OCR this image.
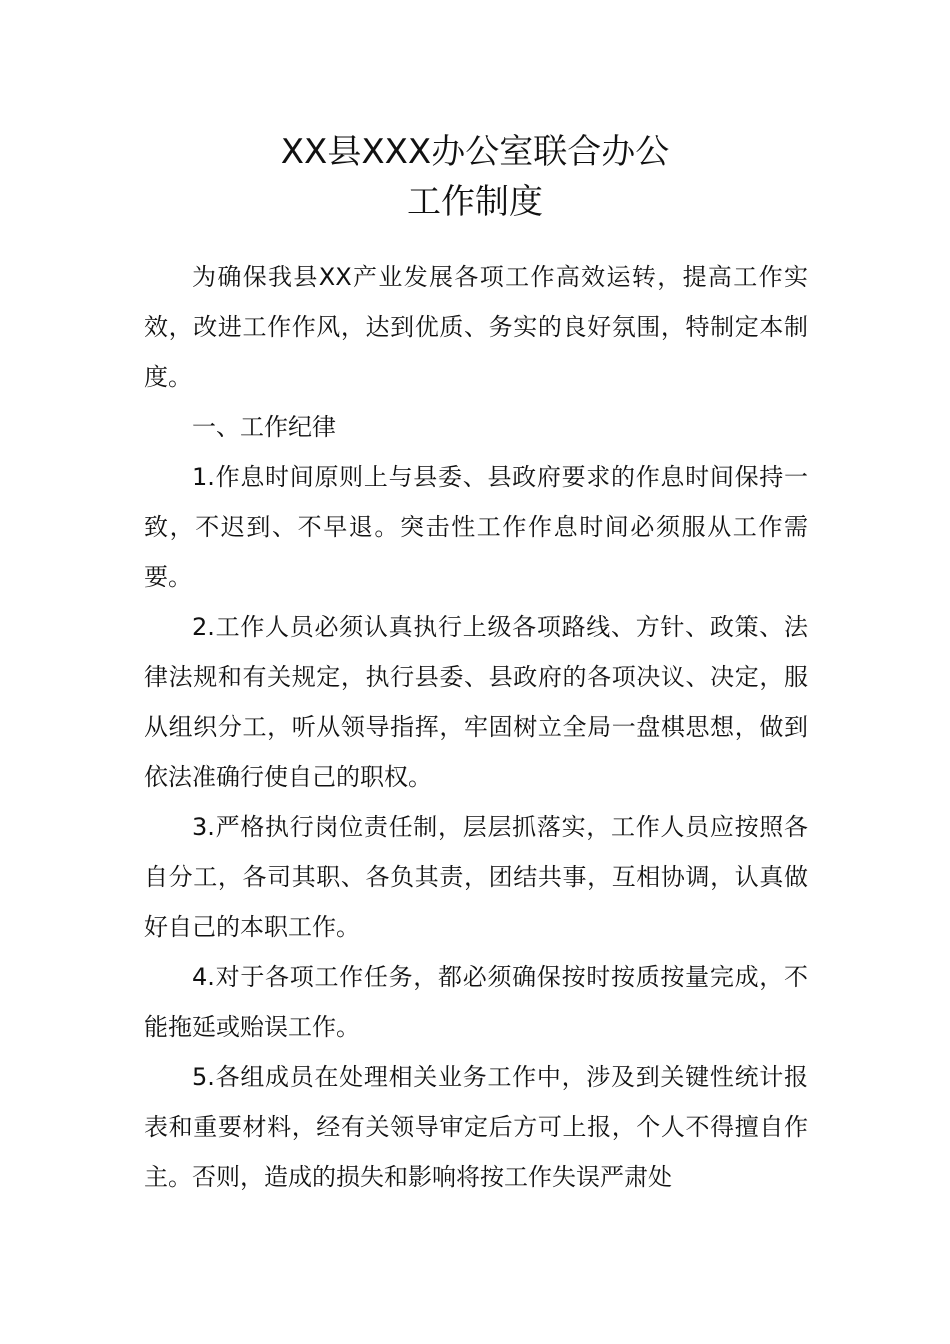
XX县XXX办公室联合办公
工作制度

为确保我县XX产业发展各项工作高效运转，提高工作实效，改进工作作风，达到优质、务实的良好氛围，特制定本制度。

一、工作纪律

1.作息时间原则上与县委、县政府要求的作息时间保持一致，不迟到、不早退。突击性工作作息时间必须服从工作需要。

2.工作人员必须认真执行上级各项路线、方针、政策、法律法规和有关规定，执行县委、县政府的各项决议、决定，服从组织分工，听从领导指挥，牢固树立全局一盘棋思想，做到依法准确行使自己的职权。

3.严格执行岗位责任制，层层抓落实，工作人员应按照各自分工，各司其职、各负其责，团结共事，互相协调，认真做好自己的本职工作。

4.对于各项工作任务，都必须确保按时按质按量完成，不能拖延或贻误工作。

5.各组成员在处理相关业务工作中，涉及到关键性统计报表和重要材料，经有关领导审定后方可上报，个人不得擅自作主。否则，造成的损失和影响将按工作失误严肃处
